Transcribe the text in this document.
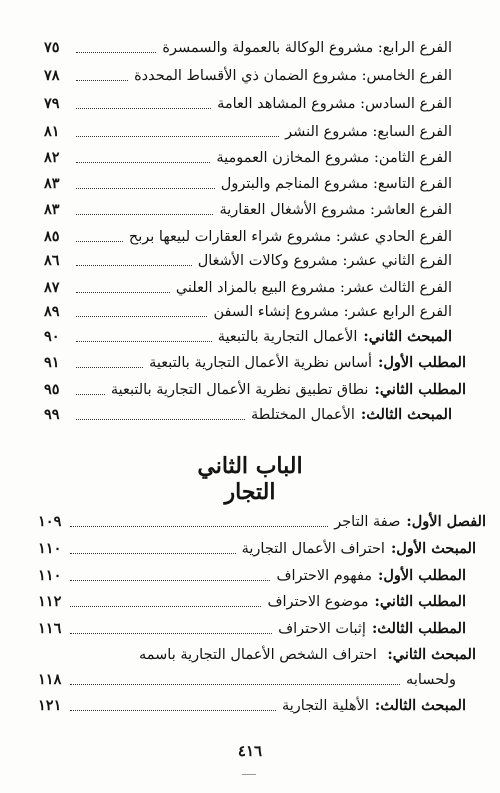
الفرع الرابع: مشروع الوكالة بالعمولة والسمسرة
٧٥
الفرع الخامس: مشروع الضمان ذي الأقساط المحددة
٧٨
الفرع السادس: مشروع المشاهد العامة
٧٩
الفرع السابع: مشروع النشر
٨١
الفرع الثامن: مشروع المخازن العمومية
٨٢
الفرع التاسع: مشروع المناجم والبترول
٨٣
الفرع العاشر: مشروع الأشغال العقارية
٨٣
الفرع الحادي عشر: مشروع شراء العقارات لبيعها بربح
٨٥
الفرع الثاني عشر: مشروع وكالات الأشغال
٨٦
الفرع الثالث عشر: مشروع البيع بالمزاد العلني
٨٧
الفرع الرابع عشر: مشروع إنشاء السفن
٨٩
المبحث الثاني:
الأعمال التجارية بالتبعية
٩٠
المطلب الأول:
أساس نظرية الأعمال التجارية بالتبعية
٩١
المطلب الثاني:
نطاق تطبيق نظرية الأعمال التجارية بالتبعية
٩٥
المبحث الثالث:
الأعمال المختلطة
٩٩
الباب الثاني
التجار
الفصل الأول:
صفة التاجر
١٠٩
المبحث الأول:
احتراف الأعمال التجارية
١١٠
المطلب الأول:
مفهوم الاحتراف
١١٠
المطلب الثاني:
موضوع الاحتراف
١١٢
المطلب الثالث:
إثبات الاحتراف
١١٦
المبحث الثاني: احتراف الشخص الأعمال التجارية باسمه
ولحسابه
١١٨
المبحث الثالث:
الأهلية التجارية
١٢١
٤١٦
